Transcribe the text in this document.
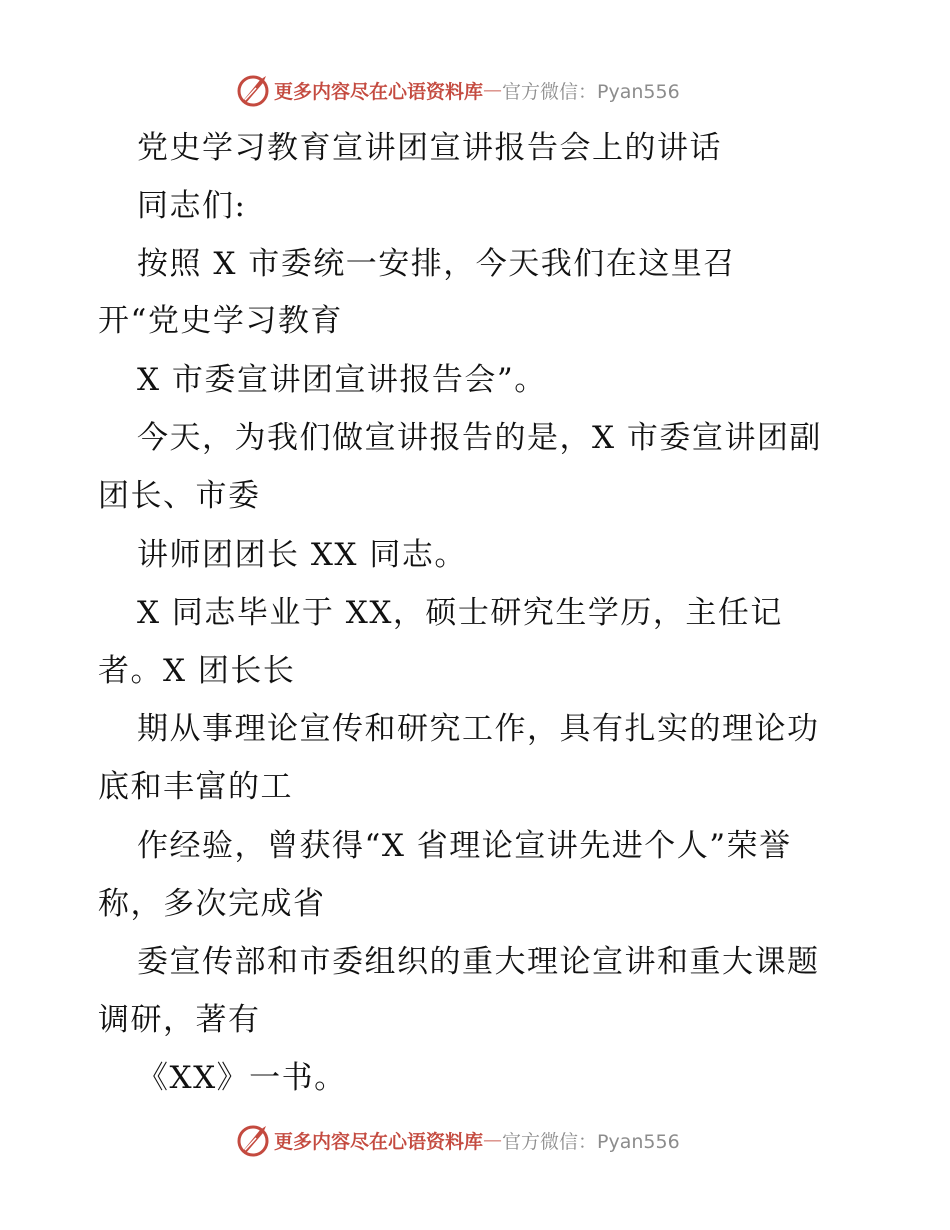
更多内容尽在心语资料库 — 官方微信：Pyan556
党史学习教育宣讲团宣讲报告会上的讲话
同志们:
按照 X 市委统一安排，今天我们在这里召
开“党史学习教育
X 市委宣讲团宣讲报告会”。
今天，为我们做宣讲报告的是，X 市委宣讲团副
团长、市委
讲师团团长 XX 同志。
X 同志毕业于 XX，硕士研究生学历，主任记
者。X 团长长
期从事理论宣传和研究工作，具有扎实的理论功
底和丰富的工
作经验，曾获得“X 省理论宣讲先进个人”荣誉
称，多次完成省
委宣传部和市委组织的重大理论宣讲和重大课题
调研，著有
《XX》一书。
更多内容尽在心语资料库 — 官方微信：Pyan556
